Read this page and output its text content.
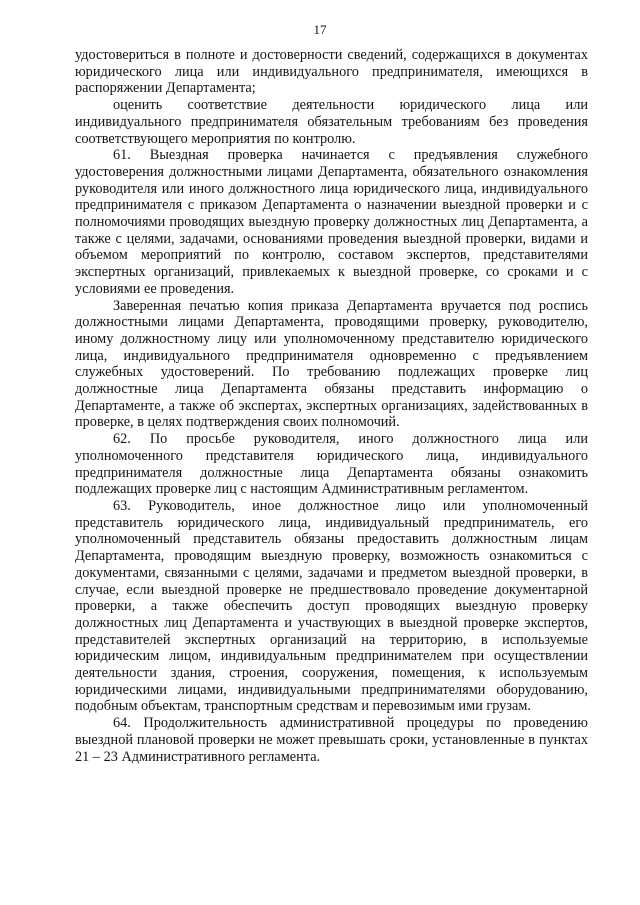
17

удостовериться в полноте и достоверности сведений, содержащихся в документах юридического лица или индивидуального предпринимателя, имеющихся в распоряжении Департамента;

оценить соответствие деятельности юридического лица или индивидуального предпринимателя обязательным требованиям без проведения соответствующего мероприятия по контролю.

61. Выездная проверка начинается с предъявления служебного удостоверения должностными лицами Департамента, обязательного ознакомления руководителя или иного должностного лица юридического лица, индивидуального предпринимателя с приказом Департамента о назначении выездной проверки и с полномочиями проводящих выездную проверку должностных лиц Департамента, а также с целями, задачами, основаниями проведения выездной проверки, видами и объемом мероприятий по контролю, составом экспертов, представителями экспертных организаций, привлекаемых к выездной проверке, со сроками и с условиями ее проведения.

Заверенная печатью копия приказа Департамента вручается под роспись должностными лицами Департамента, проводящими проверку, руководителю, иному должностному лицу или уполномоченному представителю юридического лица, индивидуального предпринимателя одновременно с предъявлением служебных удостоверений. По требованию подлежащих проверке лиц должностные лица Департамента обязаны представить информацию о Департаменте, а также об экспертах, экспертных организациях, задействованных в проверке, в целях подтверждения своих полномочий.

62. По просьбе руководителя, иного должностного лица или уполномоченного представителя юридического лица, индивидуального предпринимателя должностные лица Департамента обязаны ознакомить подлежащих проверке лиц с настоящим Административным регламентом.

63. Руководитель, иное должностное лицо или уполномоченный представитель юридического лица, индивидуальный предприниматель, его уполномоченный представитель обязаны предоставить должностным лицам Департамента, проводящим выездную проверку, возможность ознакомиться с документами, связанными с целями, задачами и предметом выездной проверки, в случае, если выездной проверке не предшествовало проведение документарной проверки, а также обеспечить доступ проводящих выездную проверку должностных лиц Департамента и участвующих в выездной проверке экспертов, представителей экспертных организаций на территорию, в используемые юридическим лицом, индивидуальным предпринимателем при осуществлении деятельности здания, строения, сооружения, помещения, к используемым юридическими лицами, индивидуальными предпринимателями оборудованию, подобным объектам, транспортным средствам и перевозимым ими грузам.

64. Продолжительность административной процедуры по проведению выездной плановой проверки не может превышать сроки, установленные в пунктах 21 – 23 Административного регламента.
